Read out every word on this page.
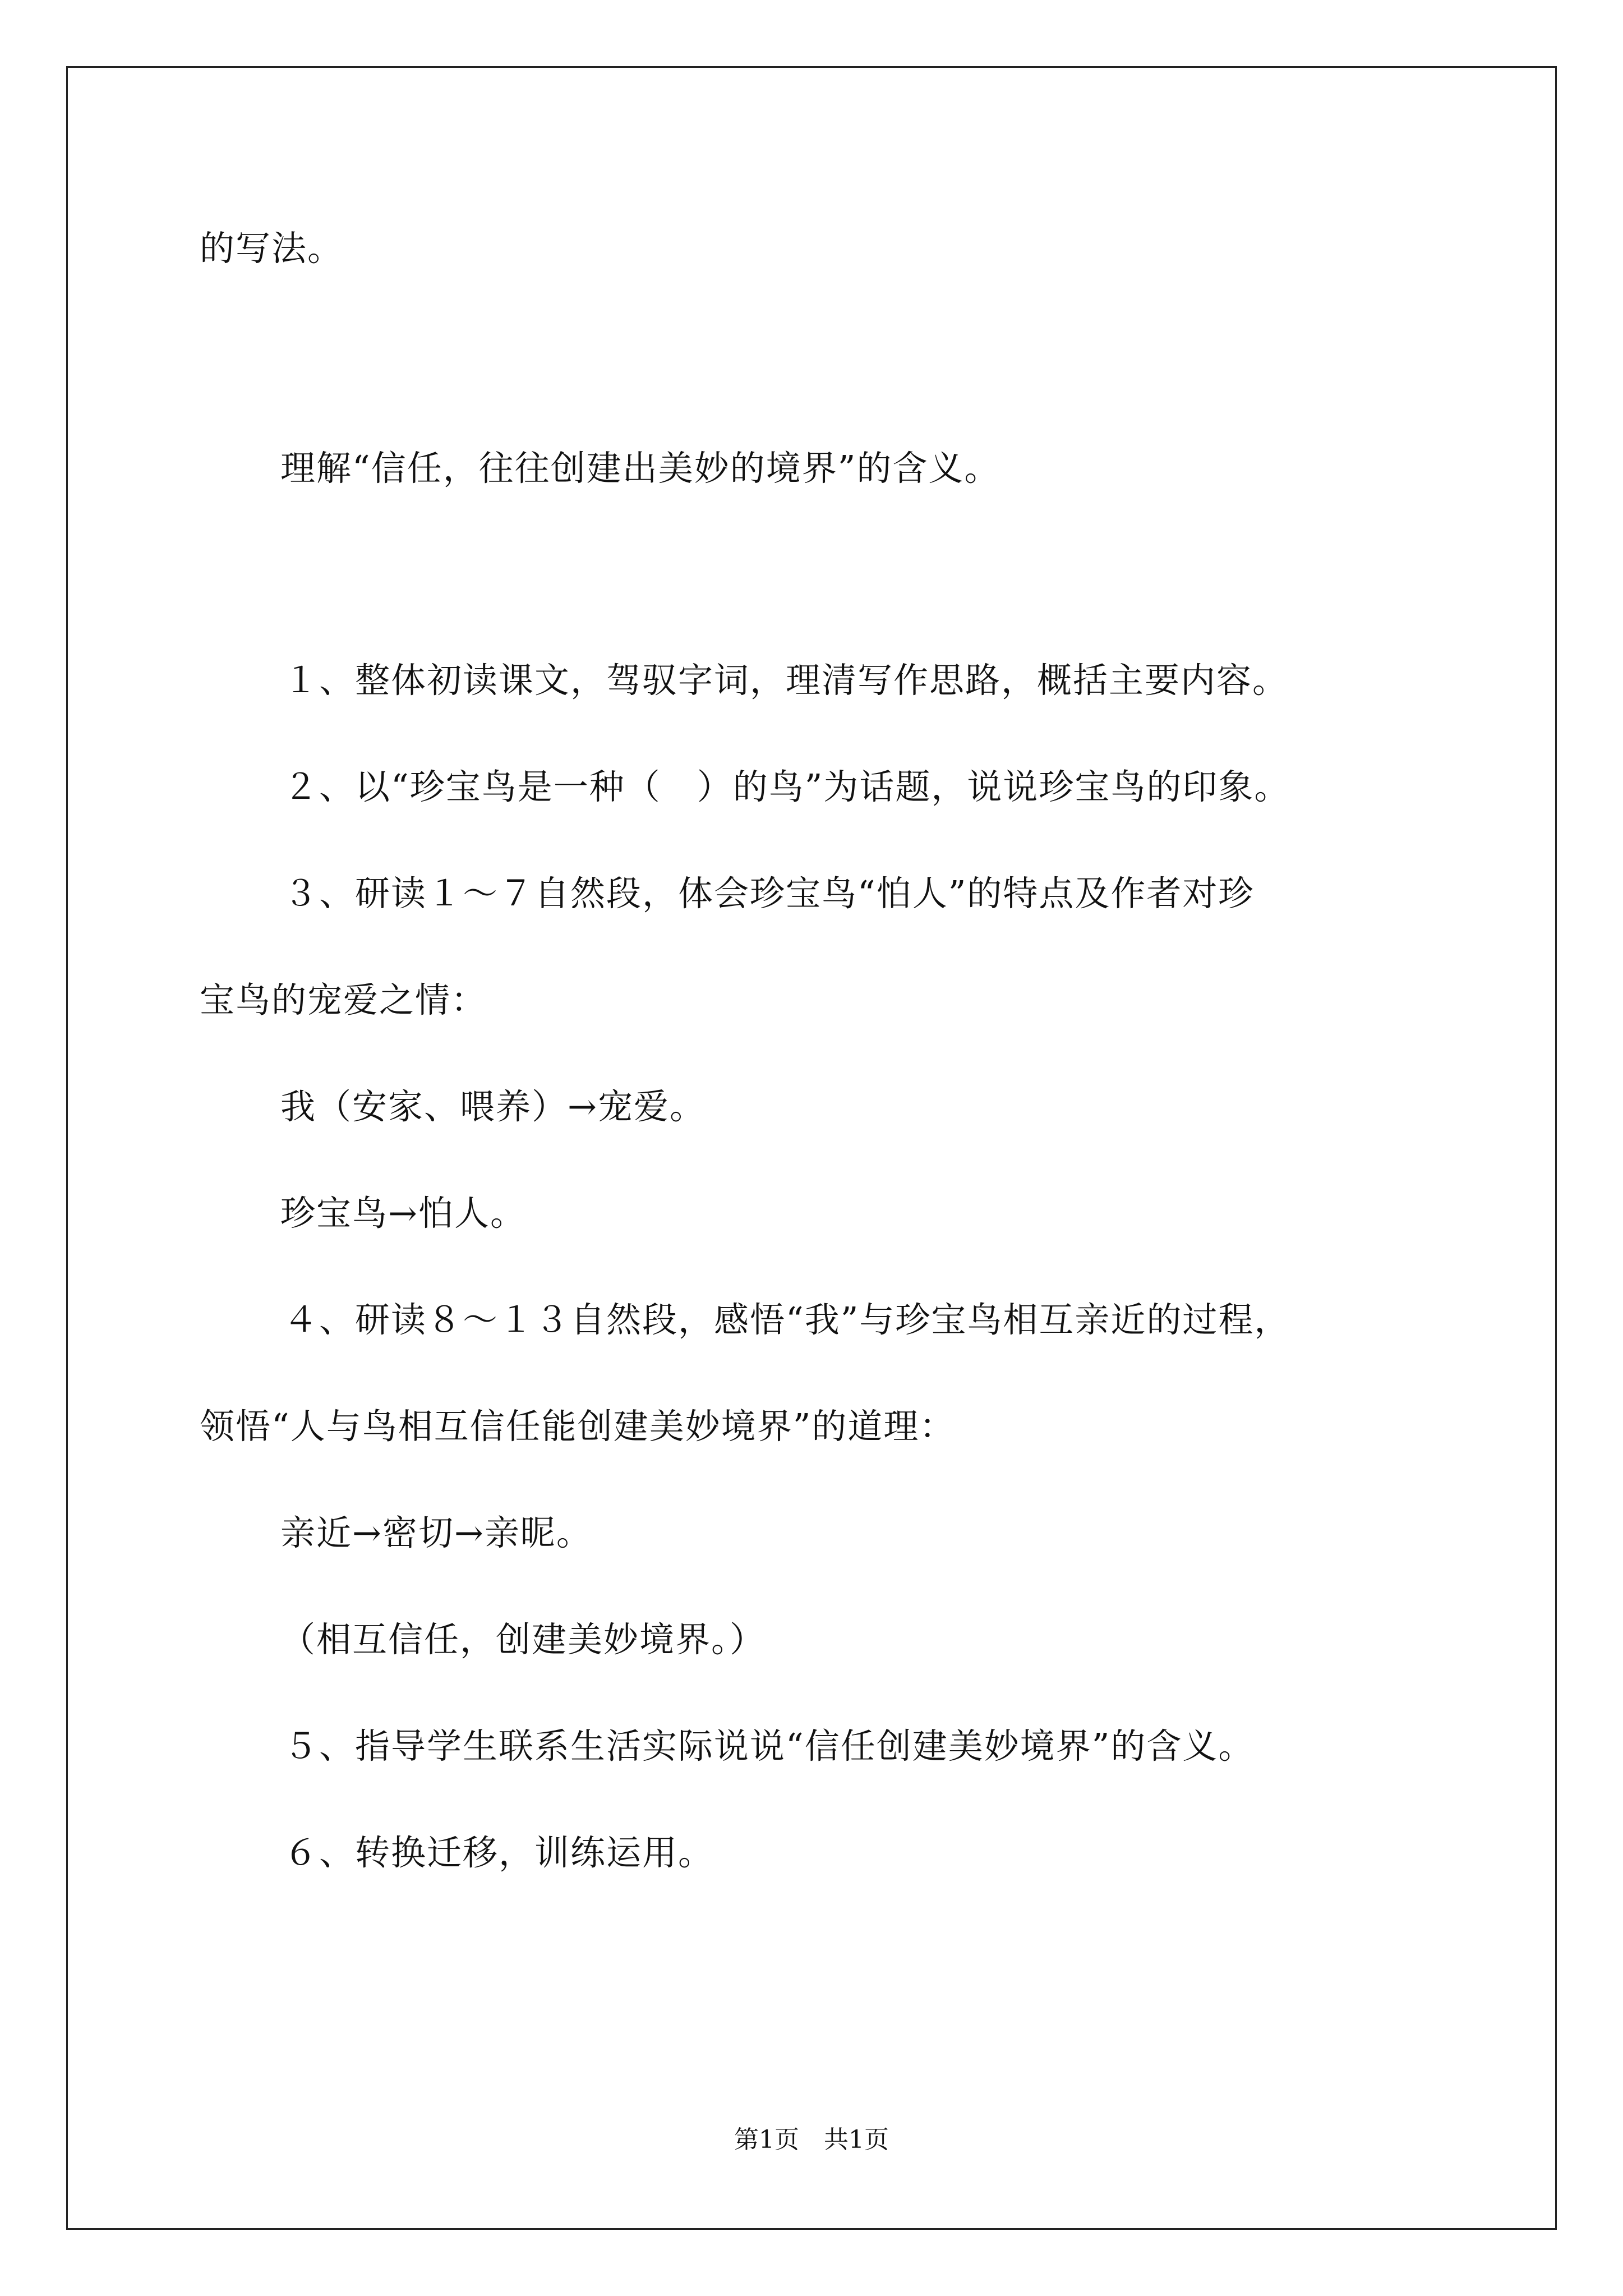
的写法。
理解“信任，往往创建出美妙的境界”的含义。
１、整体初读课文，驾驭字词，理清写作思路，概括主要内容。
２、以“珍宝鸟是一种（　）的鸟”为话题，说说珍宝鸟的印象。
３、研读１～７自然段，体会珍宝鸟“怕人”的特点及作者对珍
宝鸟的宠爱之情：
我（安家、喂养）→宠爱。
珍宝鸟→怕人。
４、研读８～１３自然段，感悟“我”与珍宝鸟相互亲近的过程，
领悟“人与鸟相互信任能创建美妙境界”的道理：
亲近→密切→亲昵。
（相互信任，创建美妙境界。）
５、指导学生联系生活实际说说“信任创建美妙境界”的含义。
６、转换迁移，训练运用。
第1页　共1页
